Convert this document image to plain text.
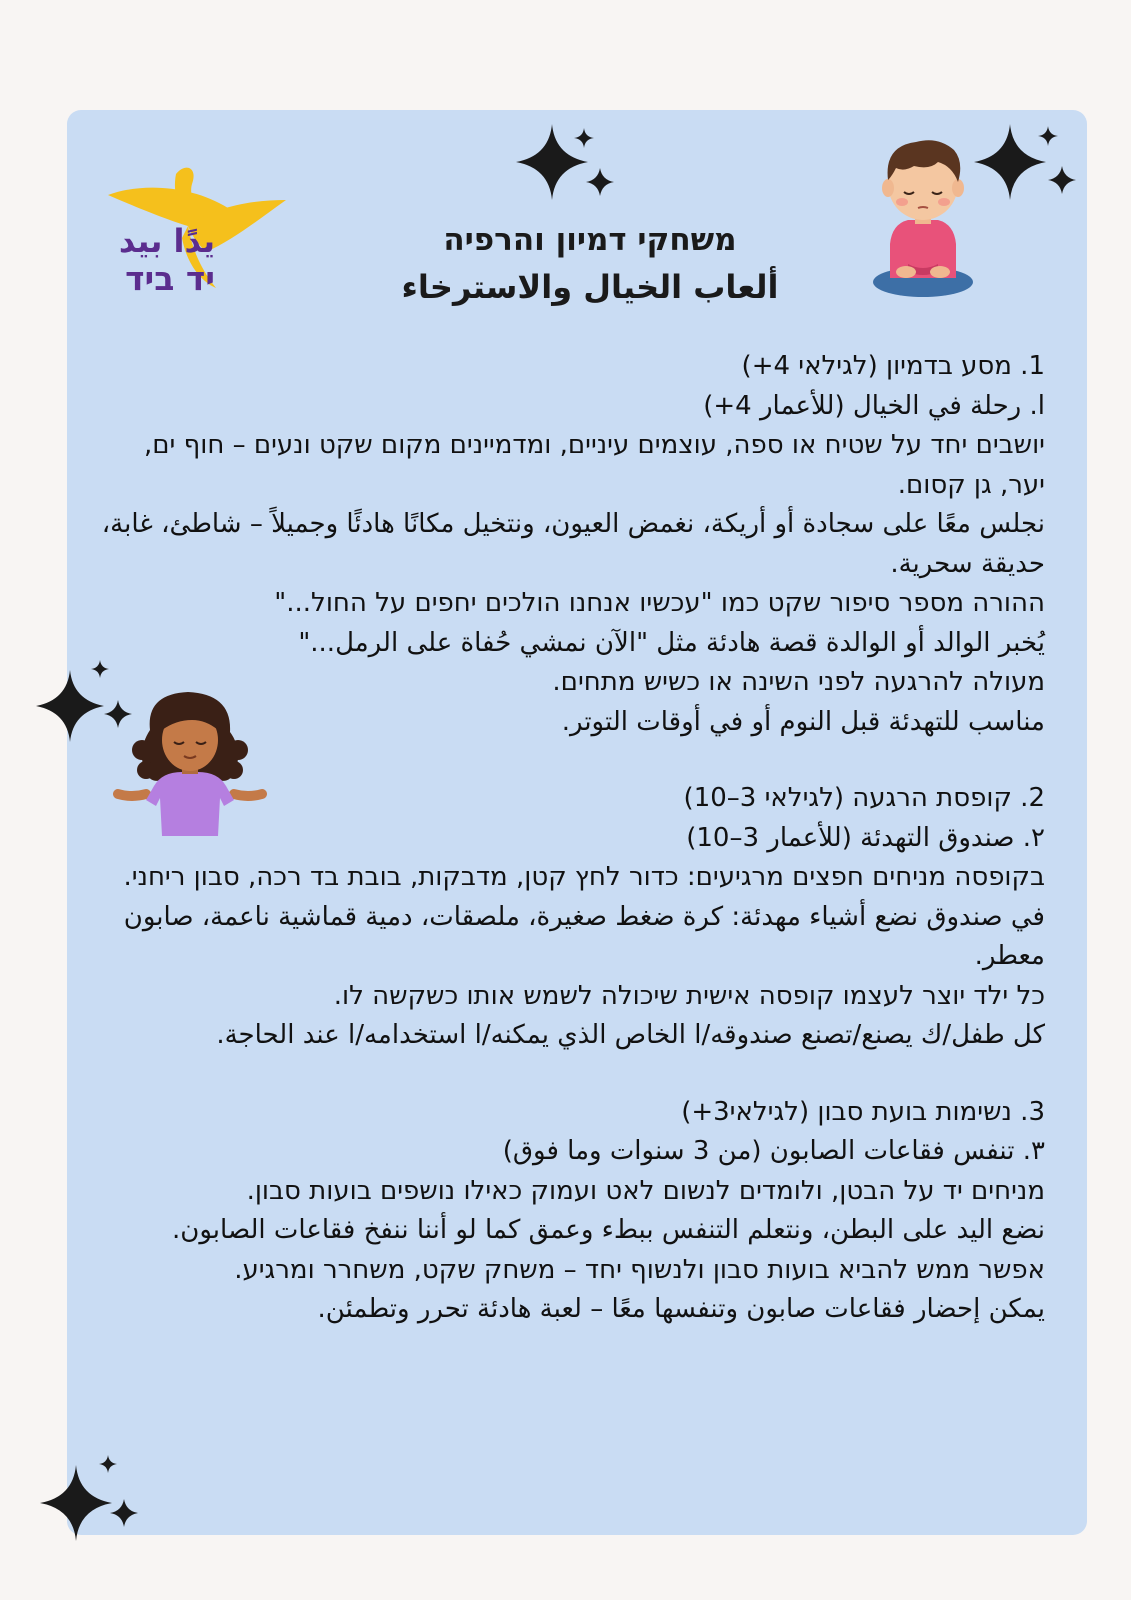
يدًا بيد
יד ביד
משחקי דמיון והרפיה
ألعاب الخيال والاسترخاء

1. מסע בדמיון (לגילאי 4+)

ا. رحلة في الخيال (للأعمار 4+)

יושבים יחד על שטיח או ספה, עוצמים עיניים, ומדמיינים מקום שקט ונעים – חוף ים, יער, גן קסום.

نجلس معًا على سجادة أو أريكة، نغمض العيون، ونتخيل مكانًا هادئًا وجميلاً – شاطئ، غابة، حديقة سحرية.

ההורה מספר סיפור שקט כמו "עכשיו אנחנו הולכים יחפים על החול..."

يُخبر الوالد أو الوالدة قصة هادئة مثل "الآن نمشي حُفاة على الرمل..."

מעולה להרגעה לפני השינה או כשיש מתחים.

مناسب للتهدئة قبل النوم أو في أوقات التوتر.

2. קופסת הרגעה (לגילאי 3–10)

٢. صندوق التهدئة (للأعمار 3–10)

בקופסה מניחים חפצים מרגיעים: כדור לחץ קטן, מדבקות, בובת בד רכה, סבון ריחני.

في صندوق نضع أشياء مهدئة: كرة ضغط صغيرة، ملصقات، دمية قماشية ناعمة، صابون معطر.

כל ילד יוצר לעצמו קופסה אישית שיכולה לשמש אותו כשקשה לו.

كل طفل/ك يصنع/تصنع صندوقه/ا الخاص الذي يمكنه/ا استخدامه/ا عند الحاجة.

3. נשימות בועת סבון (לגילאי3+)

٣. تنفس فقاعات الصابون (من 3 سنوات وما فوق)

מניחים יד על הבטן, ולומדים לנשום לאט ועמוק כאילו נושפים בועות סבון.

نضع اليد على البطن، ونتعلم التنفس ببطء وعمق كما لو أننا ننفخ فقاعات الصابون.

אפשר ממש להביא בועות סבון ולנשוף יחד – משחק שקט, משחרר ומרגיע.

يمكن إحضار فقاعات صابون وتنفسها معًا – لعبة هادئة تحرر وتطمئن.
